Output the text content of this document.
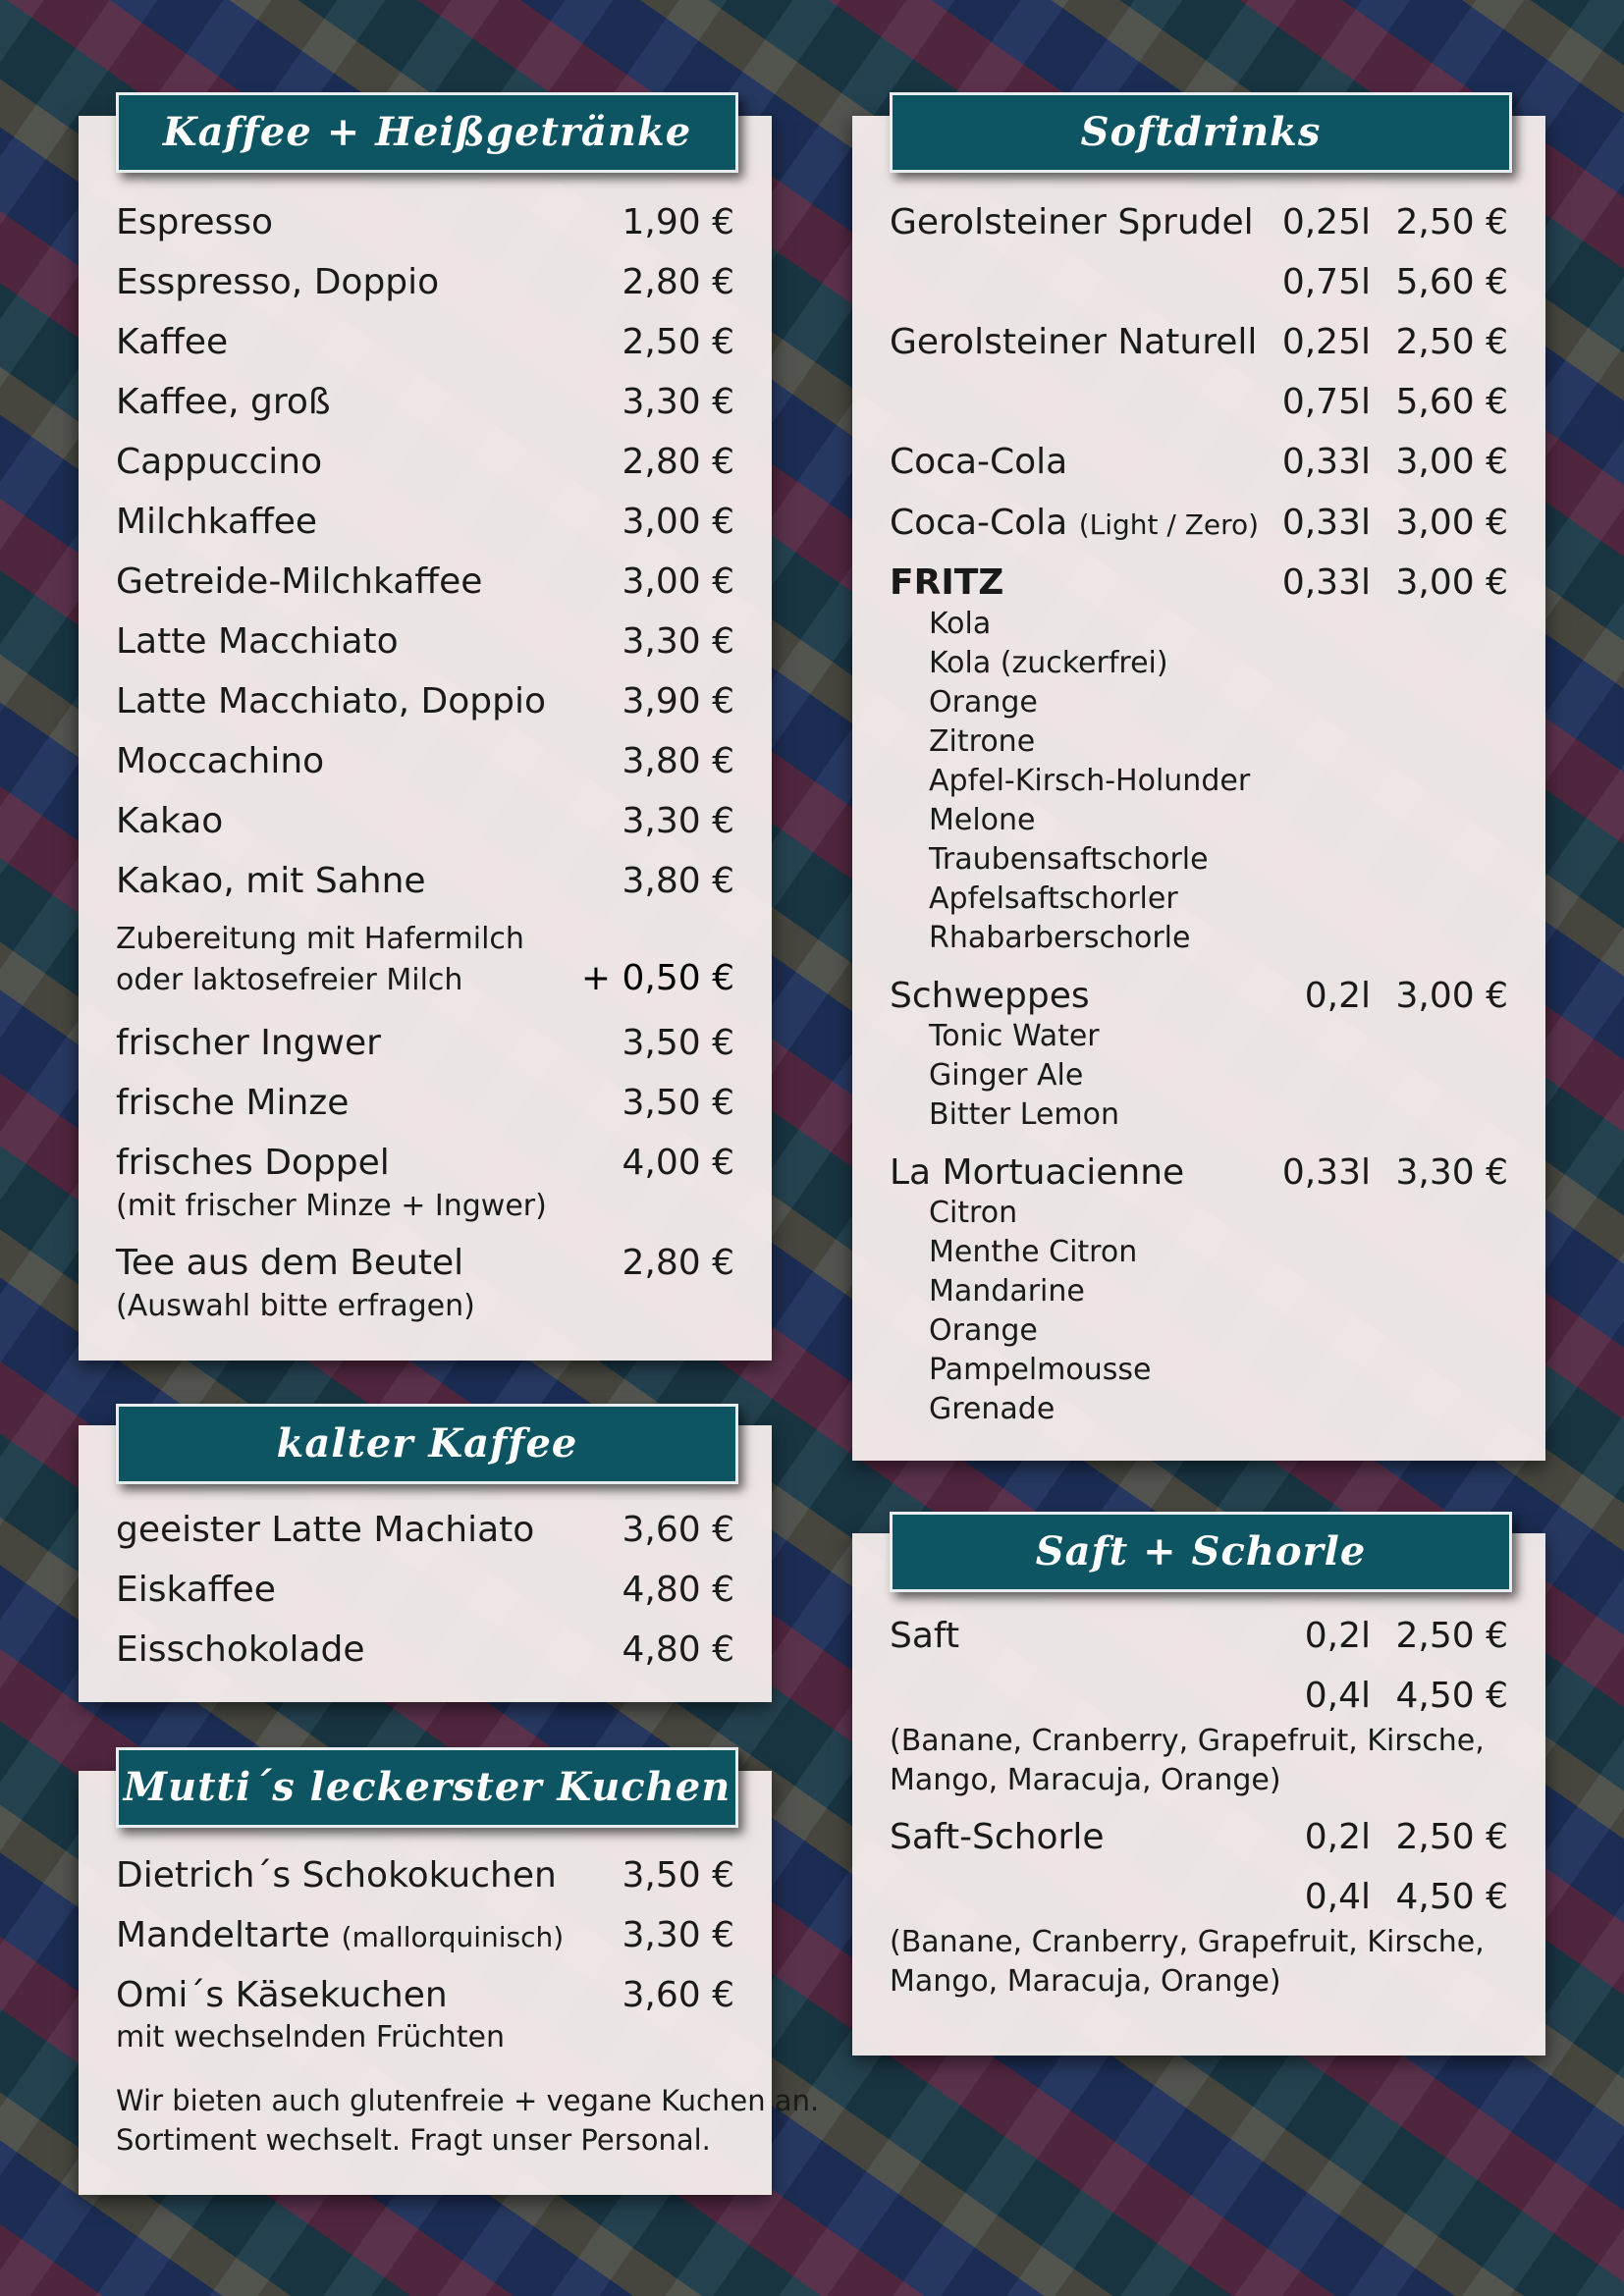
Kaffee + Heißgetränke
Espresso	1,90 €
Esspresso, Doppio	2,80 €
Kaffee	2,50 €
Kaffee, groß	3,30 €
Cappuccino	2,80 €
Milchkaffee	3,00 €
Getreide-Milchkaffee	3,00 €
Latte Macchiato	3,30 €
Latte Macchiato, Doppio 3,90 €
Moccachino	3,80 €
Kakao	3,30 €
Kakao, mit Sahne	3,80 €
Zubereitung mit Hafermilch
oder laktosefreier Milch	+ 0,50 €
frischer Ingwer	3,50 €
frische Minze	3,50 €
frisches Doppel	4,00 €
(mit frischer Minze + Ingwer)
Tee aus dem Beutel	2,80 €
(Auswahl bitte erfragen)
kalter Kaffee
geeister Latte Machiato 3,60 €
Eiskaffee	4,80 €
Eisschokolade	4,80 €
Mutti´s leckerster Kuchen
Dietrich´s Schokokuchen 3,50 €
Mandeltarte (mallorquinisch) 3,30 €
Omi´s Käsekuchen	3,60 €
mit wechselnden Früchten
Wir bieten auch glutenfreie + vegane Kuchen an.
Sortiment wechselt. Fragt unser Personal.
Softdrinks
Gerolsteiner Sprudel 0,25l 2,50 €
0,75l 5,60 €
Gerolsteiner Naturell 0,25l 2,50 €
0,75l 5,60 €
Coca-Cola	0,33l 3,00 €
Coca-Cola (Light / Zero) 0,33l 3,00 €
FRITZ	0,33l 3,00 €
Kola
Kola (zuckerfrei)
Orange
Zitrone
Apfel-Kirsch-Holunder
Melone
Traubensaftschorle
Apfelsaftschorler
Rhabarberschorle
Schweppes	0,2l 3,00 €
Tonic Water
Ginger Ale
Bitter Lemon
La Mortuacienne	0,33l 3,30 €
Citron
Menthe Citron
Mandarine
Orange
Pampelmousse
Grenade
Saft + Schorle
Saft	0,2l 2,50 €
0,4l 4,50 €
(Banane, Cranberry, Grapefruit, Kirsche,
Mango, Maracuja, Orange)
Saft-Schorle	0,2l 2,50 €
0,4l 4,50 €
(Banane, Cranberry, Grapefruit, Kirsche,
Mango, Maracuja, Orange)
